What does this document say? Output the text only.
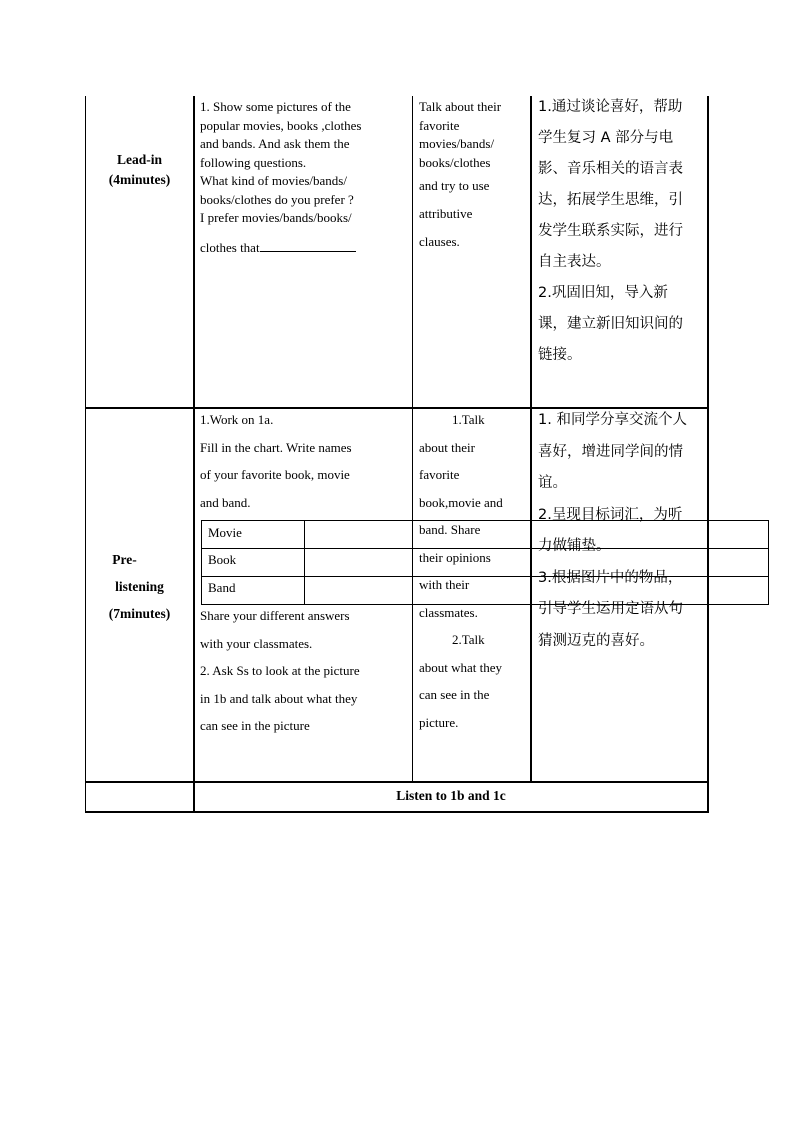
Lead-in
(4minutes)
1. Show some pictures of the
popular movies, books ,clothes
and bands. And ask them the
following questions.
What kind of movies/bands/
books/clothes do you prefer ?
I prefer movies/bands/books/
clothes that
Talk about their
favorite
movies/bands/
books/clothes
and try to use
attributive
clauses.
1.通过谈论喜好，帮助
学生复习 A 部分与电
影、音乐相关的语言表
达，拓展学生思维，引
发学生联系实际，进行
自主表达。
2.巩固旧知，导入新
课，建立新旧知识间的
链接。
Pre-
listening
(7minutes)
1.Work on 1a.
Fill in the chart. Write names
of your favorite book, movie
and band.
Movie
Book
Band
Share your different answers
with your classmates.
2. Ask Ss to look at the picture
in 1b and talk about what they
can see in the picture
1.Talk
about their
favorite
book,movie and
band. Share
their opinions
with their
classmates.
2.Talk
about what they
can see in the
picture.
1. 和同学分享交流个人
喜好，增进同学间的情
谊。
2.呈现目标词汇，为听
力做铺垫。
3.根据图片中的物品，
引导学生运用定语从句
猜测迈克的喜好。
Listen to 1b and 1c
